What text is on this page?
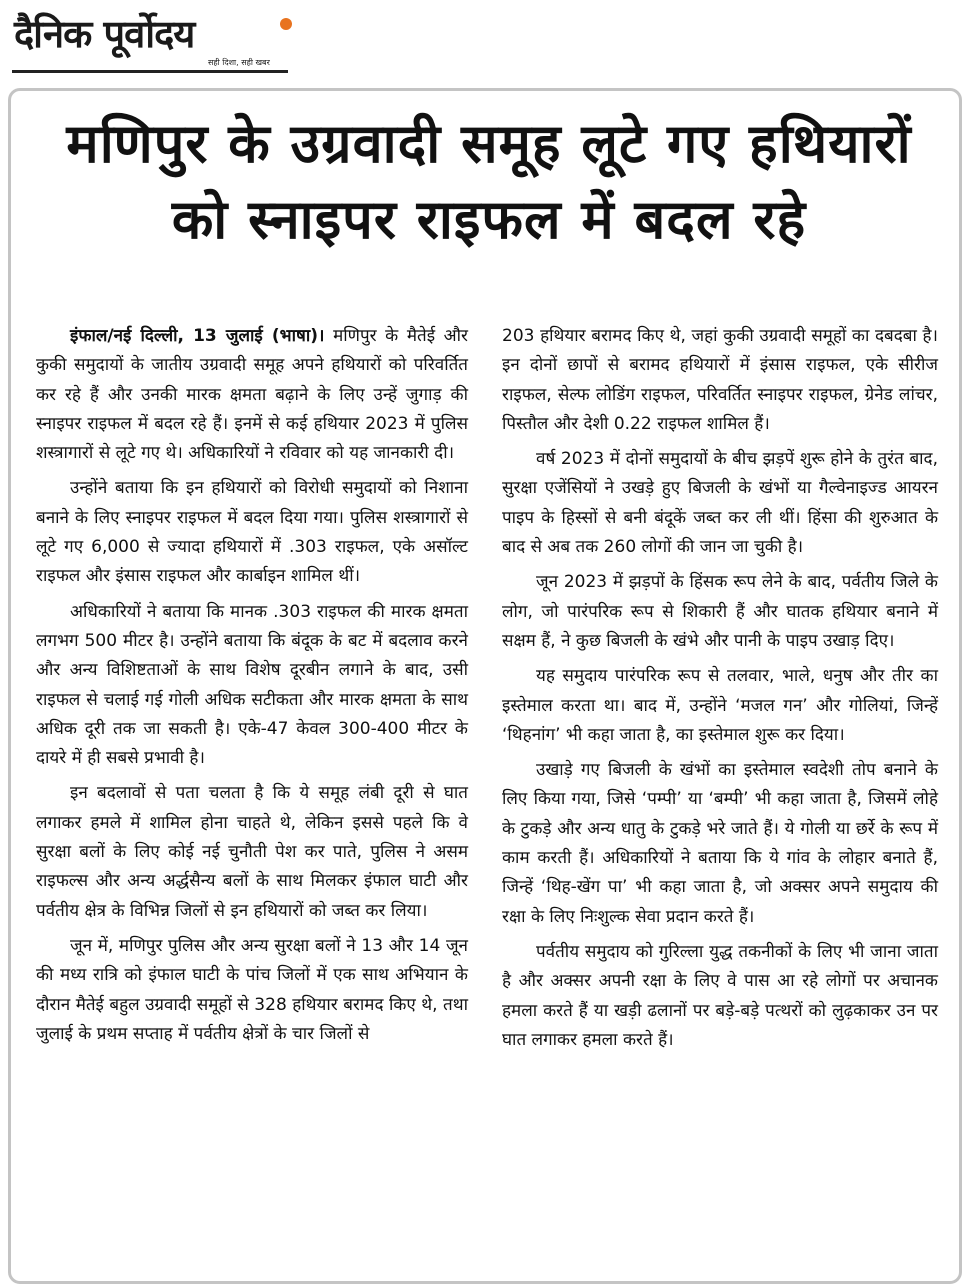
दैनिक पूर्वोदय
सही दिशा, सही खबर
मणिपुर के उग्रवादी समूह लूटे गए हथियारों
को स्नाइपर राइफल में बदल रहे

इंफाल/नई दिल्ली, 13 जुलाई (भाषा)। मणिपुर के मैतेई और कुकी समुदायों के जातीय उग्रवादी समूह अपने हथियारों को परिवर्तित कर रहे हैं और उनकी मारक क्षमता बढ़ाने के लिए उन्हें जुगाड़ की स्नाइपर राइफल में बदल रहे हैं। इनमें से कई हथियार 2023 में पुलिस शस्त्रागारों से लूटे गए थे। अधिकारियों ने रविवार को यह जानकारी दी।

उन्होंने बताया कि इन हथियारों को विरोधी समुदायों को निशाना बनाने के लिए स्नाइपर राइफल में बदल दिया गया। पुलिस शस्त्रागारों से लूटे गए 6,000 से ज्यादा हथियारों में .303 राइफल, एके असॉल्ट राइफल और इंसास राइफल और कार्बाइन शामिल थीं।

अधिकारियों ने बताया कि मानक .303 राइफल की मारक क्षमता लगभग 500 मीटर है। उन्होंने बताया कि बंदूक के बट में बदलाव करने और अन्य विशिष्टताओं के साथ विशेष दूरबीन लगाने के बाद, उसी राइफल से चलाई गई गोली अधिक सटीकता और मारक क्षमता के साथ अधिक दूरी तक जा सकती है। एके-47 केवल 300-400 मीटर के दायरे में ही सबसे प्रभावी है।

इन बदलावों से पता चलता है कि ये समूह लंबी दूरी से घात लगाकर हमले में शामिल होना चाहते थे, लेकिन इससे पहले कि वे सुरक्षा बलों के लिए कोई नई चुनौती पेश कर पाते, पुलिस ने असम राइफल्स और अन्य अर्द्धसैन्य बलों के साथ मिलकर इंफाल घाटी और पर्वतीय क्षेत्र के विभिन्न जिलों से इन हथियारों को जब्त कर लिया।

जून में, मणिपुर पुलिस और अन्य सुरक्षा बलों ने 13 और 14 जून की मध्य रात्रि को इंफाल घाटी के पांच जिलों में एक साथ अभियान के दौरान मैतेई बहुल उग्रवादी समूहों से 328 हथियार बरामद किए थे, तथा जुलाई के प्रथम सप्ताह में पर्वतीय क्षेत्रों के चार जिलों से

203 हथियार बरामद किए थे, जहां कुकी उग्रवादी समूहों का दबदबा है। इन दोनों छापों से बरामद हथियारों में इंसास राइफल, एके सीरीज राइफल, सेल्फ लोडिंग राइफल, परिवर्तित स्नाइपर राइफल, ग्रेनेड लांचर, पिस्तौल और देशी 0.22 राइफल शामिल हैं।

वर्ष 2023 में दोनों समुदायों के बीच झड़पें शुरू होने के तुरंत बाद, सुरक्षा एजेंसियों ने उखड़े हुए बिजली के खंभों या गैल्वेनाइज्ड आयरन पाइप के हिस्सों से बनी बंदूकें जब्त कर ली थीं। हिंसा की शुरुआत के बाद से अब तक 260 लोगों की जान जा चुकी है।

जून 2023 में झड़पों के हिंसक रूप लेने के बाद, पर्वतीय जिले के लोग, जो पारंपरिक रूप से शिकारी हैं और घातक हथियार बनाने में सक्षम हैं, ने कुछ बिजली के खंभे और पानी के पाइप उखाड़ दिए।

यह समुदाय पारंपरिक रूप से तलवार, भाले, धनुष और तीर का इस्तेमाल करता था। बाद में, उन्होंने ‘मजल गन’ और गोलियां, जिन्हें ‘थिहनांग’ भी कहा जाता है, का इस्तेमाल शुरू कर दिया।

उखाड़े गए बिजली के खंभों का इस्तेमाल स्वदेशी तोप बनाने के लिए किया गया, जिसे ‘पम्पी’ या ‘बम्पी’ भी कहा जाता है, जिसमें लोहे के टुकड़े और अन्य धातु के टुकड़े भरे जाते हैं। ये गोली या छर्रे के रूप में काम करती हैं। अधिकारियों ने बताया कि ये गांव के लोहार बनाते हैं, जिन्हें ‘थिह-खेंग पा’ भी कहा जाता है, जो अक्सर अपने समुदाय की रक्षा के लिए निःशुल्क सेवा प्रदान करते हैं।

पर्वतीय समुदाय को गुरिल्ला युद्ध तकनीकों के लिए भी जाना जाता है और अक्सर अपनी रक्षा के लिए वे पास आ रहे लोगों पर अचानक हमला करते हैं या खड़ी ढलानों पर बड़े-बड़े पत्थरों को लुढ़काकर उन पर घात लगाकर हमला करते हैं।
